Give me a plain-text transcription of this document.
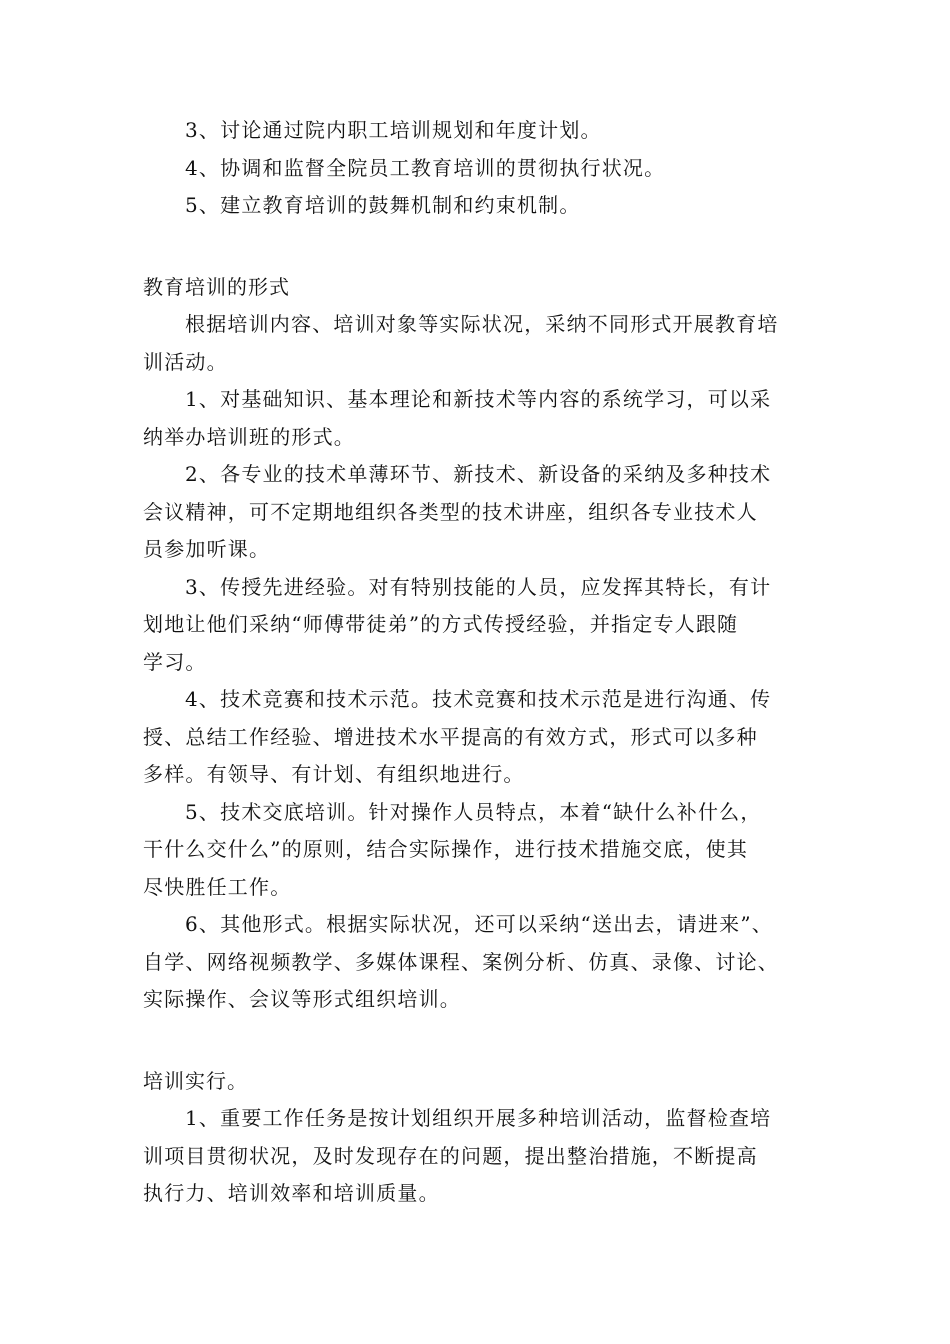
3、讨论通过院内职工培训规划和年度计划。
4、协调和监督全院员工教育培训的贯彻执行状况。
5、建立教育培训的鼓舞机制和约束机制。
教育培训的形式
根据培训内容、培训对象等实际状况，采纳不同形式开展教育培
训活动。
1、对基础知识、基本理论和新技术等内容的系统学习，可以采
纳举办培训班的形式。
2、各专业的技术单薄环节、新技术、新设备的采纳及多种技术
会议精神，可不定期地组织各类型的技术讲座，组织各专业技术人
员参加听课。
3、传授先进经验。对有特别技能的人员，应发挥其特长，有计
划地让他们采纳“师傅带徒弟”的方式传授经验，并指定专人跟随
学习。
4、技术竞赛和技术示范。技术竞赛和技术示范是进行沟通、传
授、总结工作经验、增进技术水平提高的有效方式，形式可以多种
多样。有领导、有计划、有组织地进行。
5、技术交底培训。针对操作人员特点，本着“缺什么补什么，
干什么交什么”的原则，结合实际操作，进行技术措施交底，使其
尽快胜任工作。
6、其他形式。根据实际状况，还可以采纳“送出去，请进来”、
自学、网络视频教学、多媒体课程、案例分析、仿真、录像、讨论、
实际操作、会议等形式组织培训。
培训实行。
1、重要工作任务是按计划组织开展多种培训活动，监督检查培
训项目贯彻状况，及时发现存在的问题，提出整治措施，不断提高
执行力、培训效率和培训质量。
